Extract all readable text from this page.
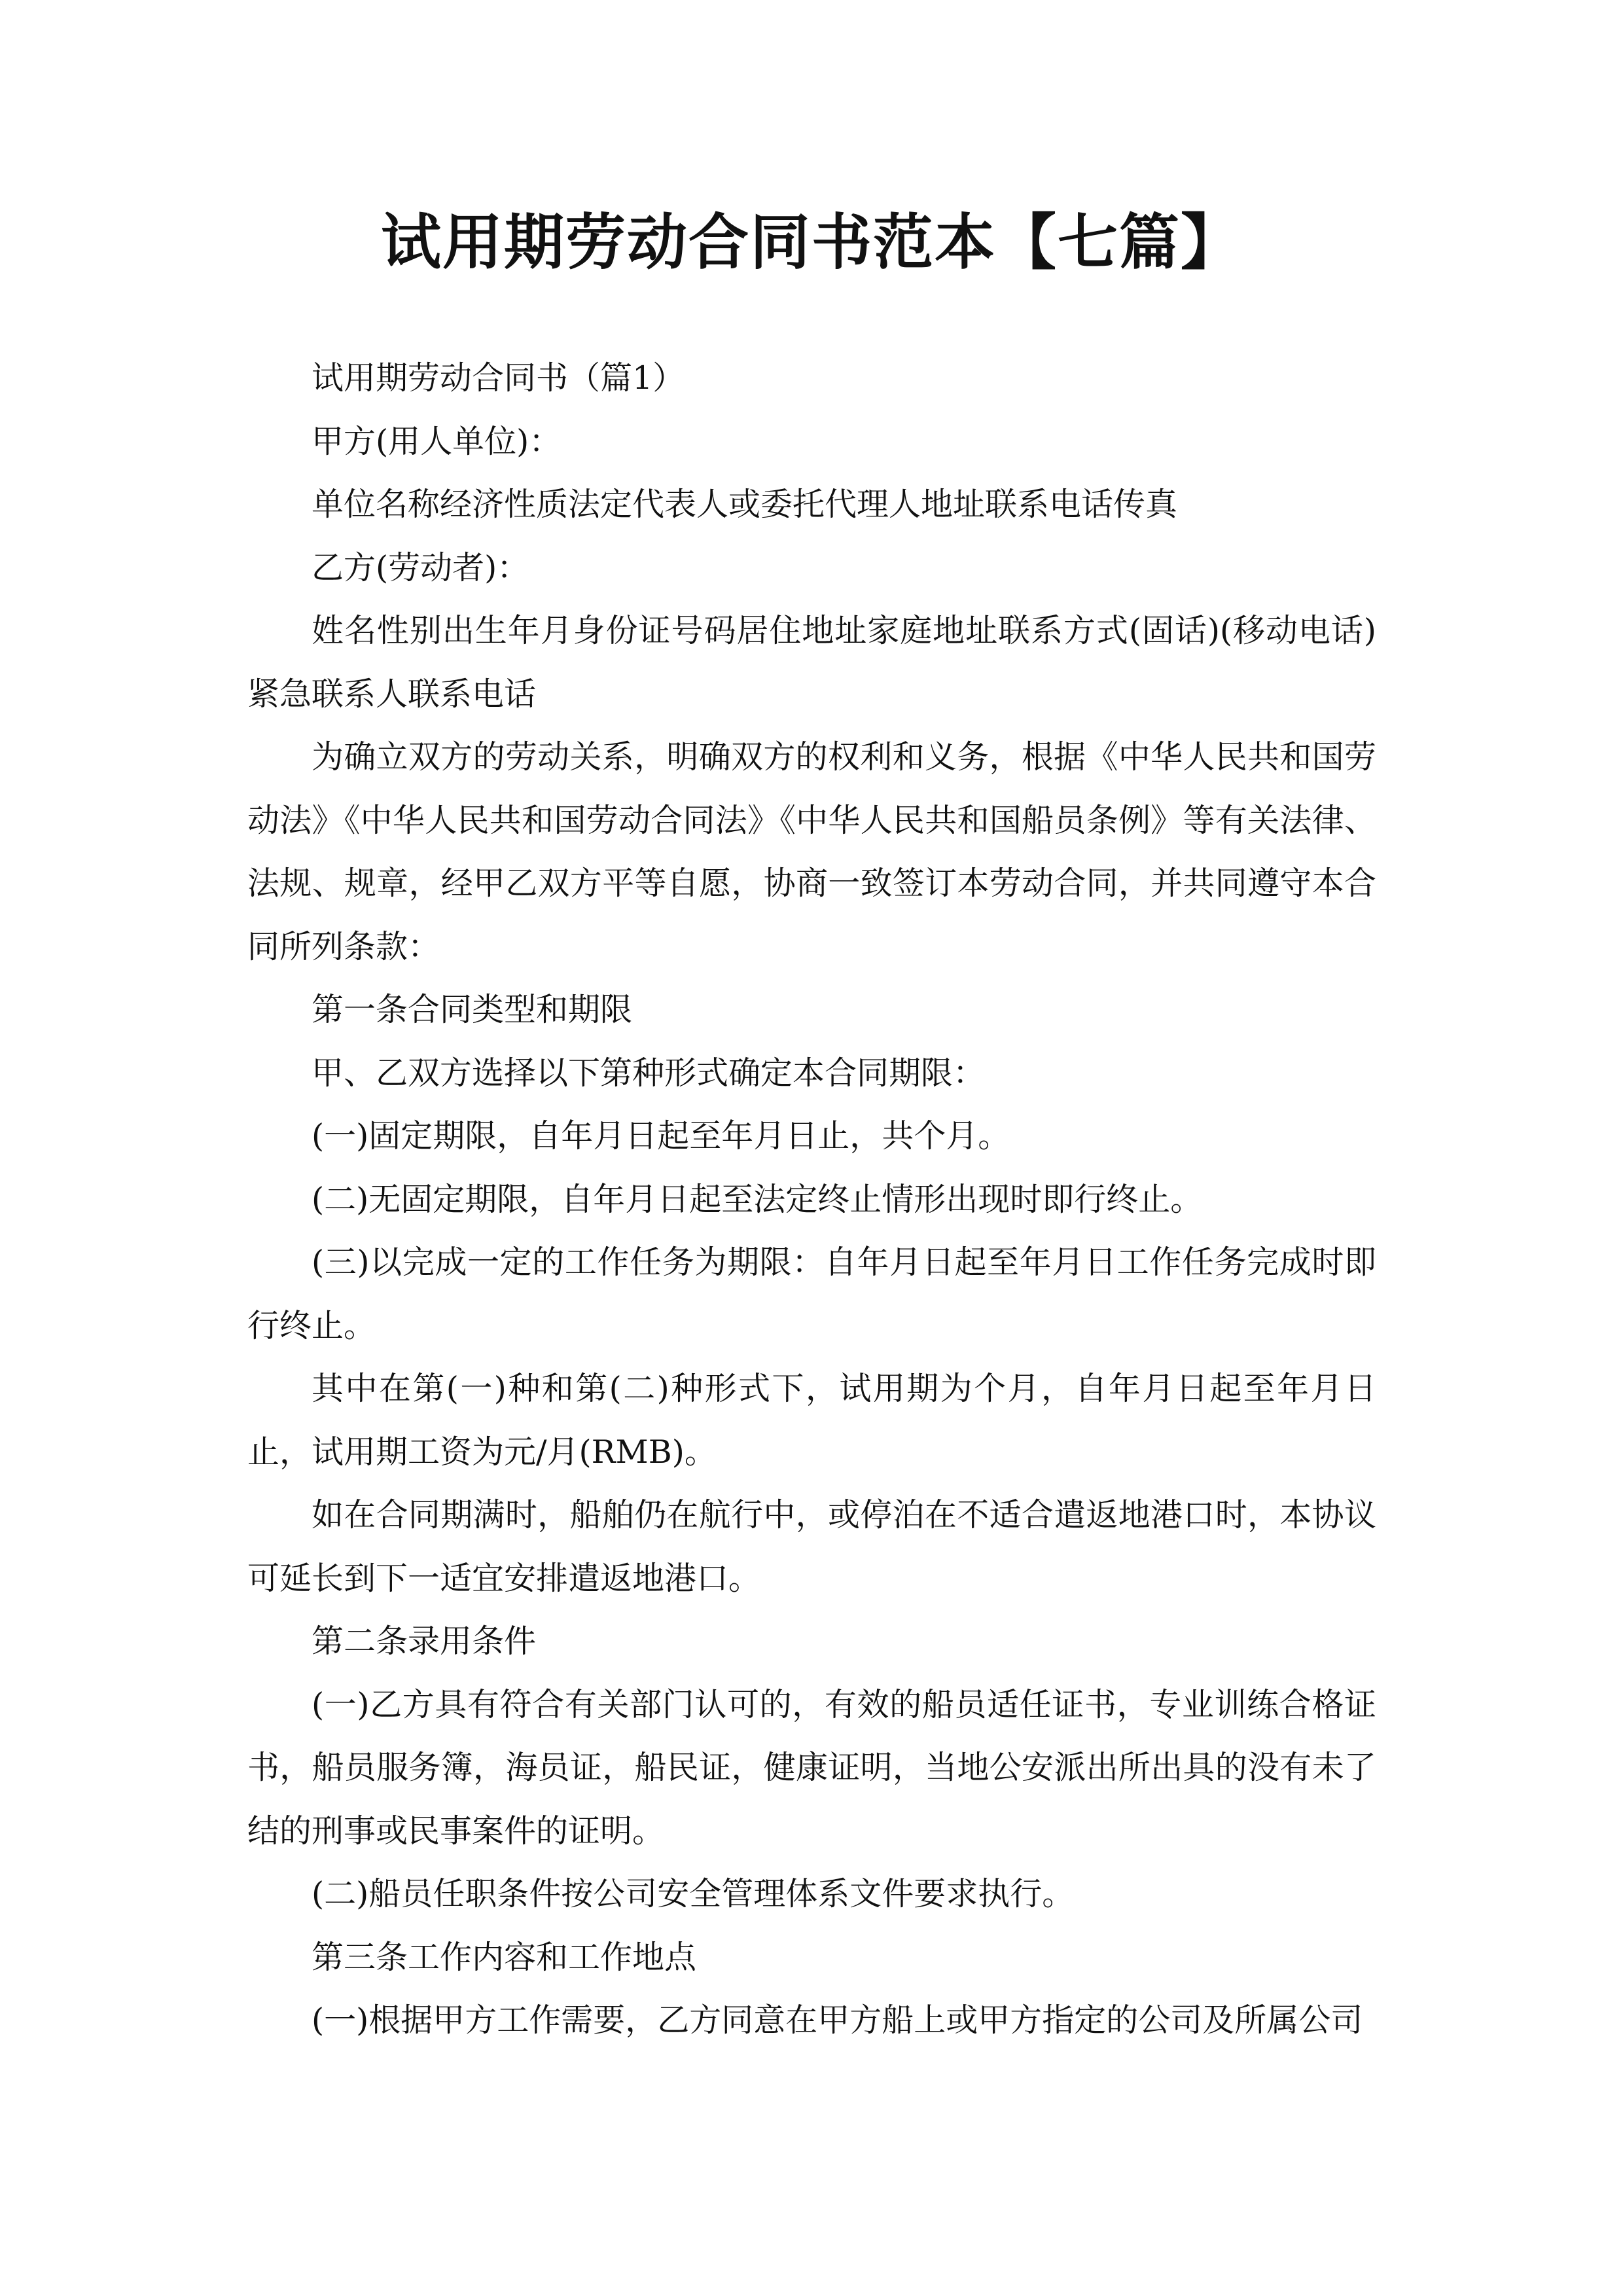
试用期劳动合同书范本【七篇】

试用期劳动合同书（篇1）

甲方(用人单位)：

单位名称经济性质法定代表人或委托代理人地址联系电话传真

乙方(劳动者)：

姓名性别出生年月身份证号码居住地址家庭地址联系方式(固话)(移动电话)紧急联系人联系电话

为确立双方的劳动关系，明确双方的权利和义务，根据《中华人民共和国劳动法》《中华人民共和国劳动合同法》《中华人民共和国船员条例》等有关法律、法规、规章，经甲乙双方平等自愿，协商一致签订本劳动合同，并共同遵守本合同所列条款：

第一条合同类型和期限

甲、乙双方选择以下第种形式确定本合同期限：

(一)固定期限，自年月日起至年月日止，共个月。

(二)无固定期限，自年月日起至法定终止情形出现时即行终止。

(三)以完成一定的工作任务为期限：自年月日起至年月日工作任务完成时即行终止。

其中在第(一)种和第(二)种形式下，试用期为个月，自年月日起至年月日止，试用期工资为元/月(RMB)。

如在合同期满时，船舶仍在航行中，或停泊在不适合遣返地港口时，本协议可延长到下一适宜安排遣返地港口。

第二条录用条件

(一)乙方具有符合有关部门认可的，有效的船员适任证书，专业训练合格证书，船员服务簿，海员证，船民证，健康证明，当地公安派出所出具的没有未了结的刑事或民事案件的证明。

(二)船员任职条件按公司安全管理体系文件要求执行。

第三条工作内容和工作地点

(一)根据甲方工作需要，乙方同意在甲方船上或甲方指定的公司及所属公司
